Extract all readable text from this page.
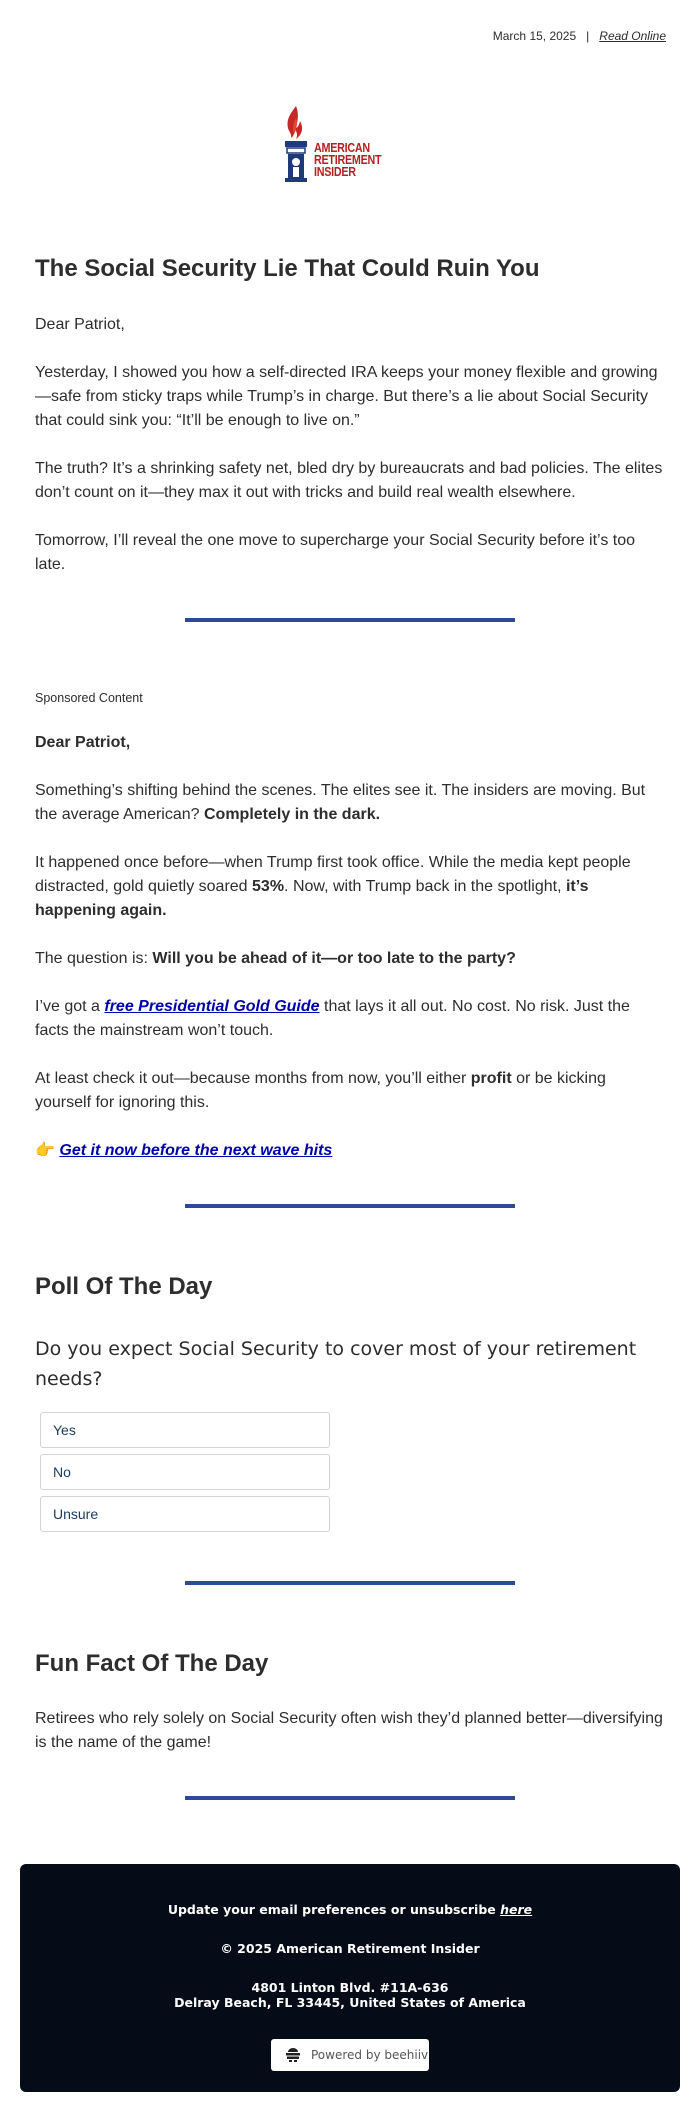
March 15, 2025 | Read Online
AMERICAN
RETIREMENT INSIDER
The Social Security Lie That Could Ruin You

Dear Patriot,

Yesterday, I showed you how a self-directed IRA keeps your money flexible and growing—safe from sticky traps while Trump’s in charge. But there’s a lie about Social Security that could sink you: “It’ll be enough to live on.”

The truth? It’s a shrinking safety net, bled dry by bureaucrats and bad policies. The elites don’t count on it—they max it out with tricks and build real wealth elsewhere.

Tomorrow, I’ll reveal the one move to supercharge your Social Security before it’s too late.

Sponsored Content

Dear Patriot,

Something’s shifting behind the scenes. The elites see it. The insiders are moving. But the average American? Completely in the dark.

It happened once before—when Trump first took office. While the media kept people distracted, gold quietly soared 53%. Now, with Trump back in the spotlight, it’s happening again.

The question is: Will you be ahead of it—or too late to the party?

I’ve got a free Presidential Gold Guide that lays it all out. No cost. No risk. Just the facts the mainstream won’t touch.

At least check it out—because months from now, you’ll either profit or be kicking yourself for ignoring this.

👉 Get it now before the next wave hits

Poll Of The Day

Do you expect Social Security to cover most of your retirement needs?

Yes
No
Unsure
Fun Fact Of The Day

Retirees who rely solely on Social Security often wish they’d planned better—diversifying is the name of the game!

Update your email preferences or unsubscribe here
© 2025 American Retirement Insider
4801 Linton Blvd. #11A-636
Delray Beach, FL 33445, United States of America
Powered by beehiiv
